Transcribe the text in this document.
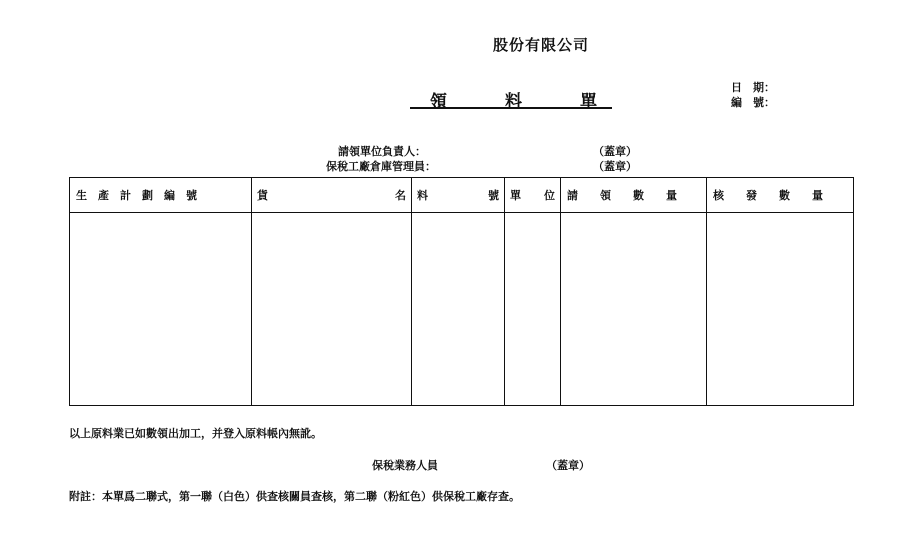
股份有限公司
領	料	單
日　期：
編　號：
請領單位負責人：	（蓋章）
保稅工廠倉庫管理員：	（蓋章）
生　產　計　劃　編　號	貨 名	料 號	單 位	請　　領　　數　　量	核　　發　　數　　量

以上原料業已如數領出加工，并登入原料帳內無訛。
保稅業務人員	（蓋章）
附註：本單爲二聯式，第一聯（白色）供查核關員查核，第二聯（粉紅色）供保稅工廠存查。
